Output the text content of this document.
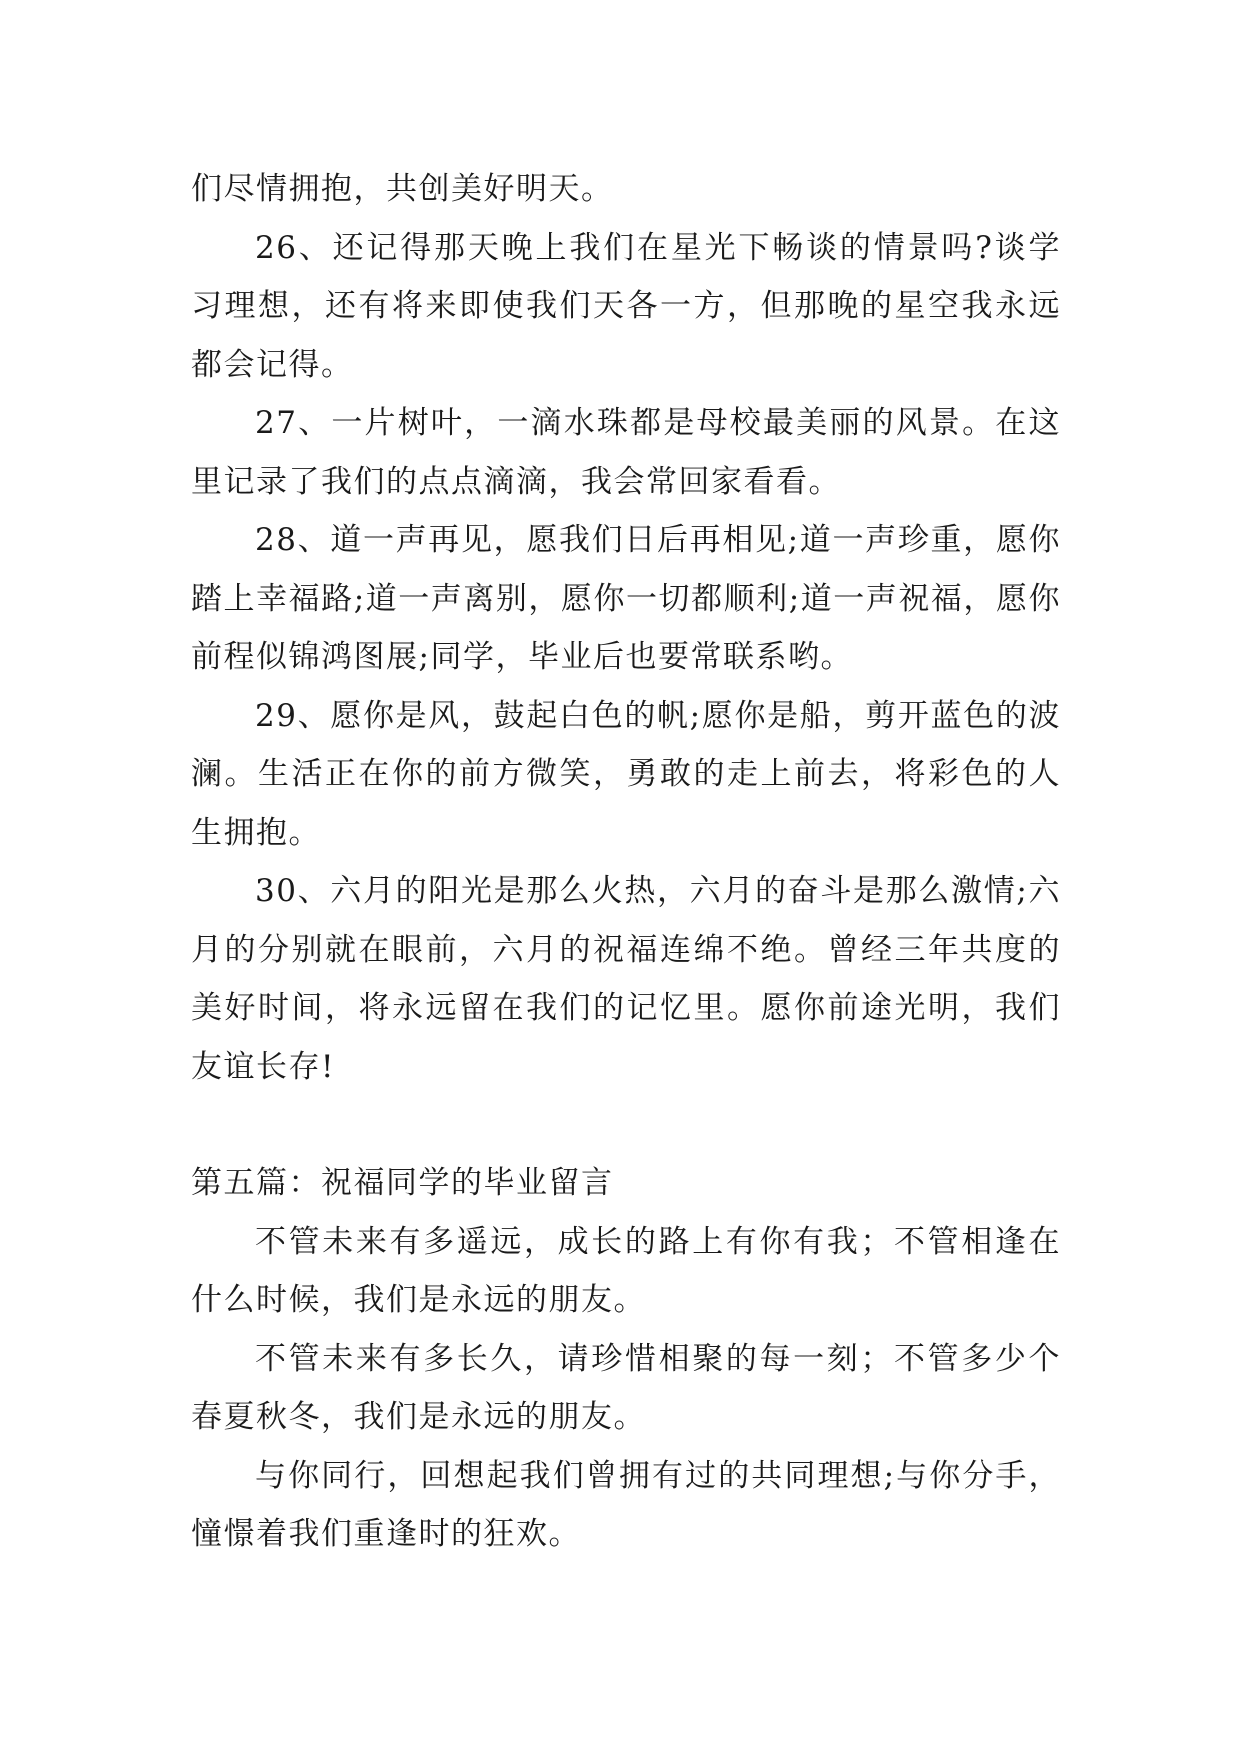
们尽情拥抱，共创美好明天。

26、还记得那天晚上我们在星光下畅谈的情景吗?谈学习理想，还有将来即使我们天各一方，但那晚的星空我永远都会记得。

27、一片树叶，一滴水珠都是母校最美丽的风景。在这里记录了我们的点点滴滴，我会常回家看看。

28、道一声再见，愿我们日后再相见;道一声珍重，愿你踏上幸福路;道一声离别，愿你一切都顺利;道一声祝福，愿你前程似锦鸿图展;同学，毕业后也要常联系哟。

29、愿你是风，鼓起白色的帆;愿你是船，剪开蓝色的波澜。生活正在你的前方微笑，勇敢的走上前去，将彩色的人生拥抱。

30、六月的阳光是那么火热，六月的奋斗是那么激情;六月的分别就在眼前，六月的祝福连绵不绝。曾经三年共度的美好时间，将永远留在我们的记忆里。愿你前途光明，我们友谊长存!

第五篇：祝福同学的毕业留言

不管未来有多遥远，成长的路上有你有我；不管相逢在什么时候，我们是永远的朋友。

不管未来有多长久，请珍惜相聚的每一刻；不管多少个春夏秋冬，我们是永远的朋友。

与你同行，回想起我们曾拥有过的共同理想;与你分手，憧憬着我们重逢时的狂欢。
